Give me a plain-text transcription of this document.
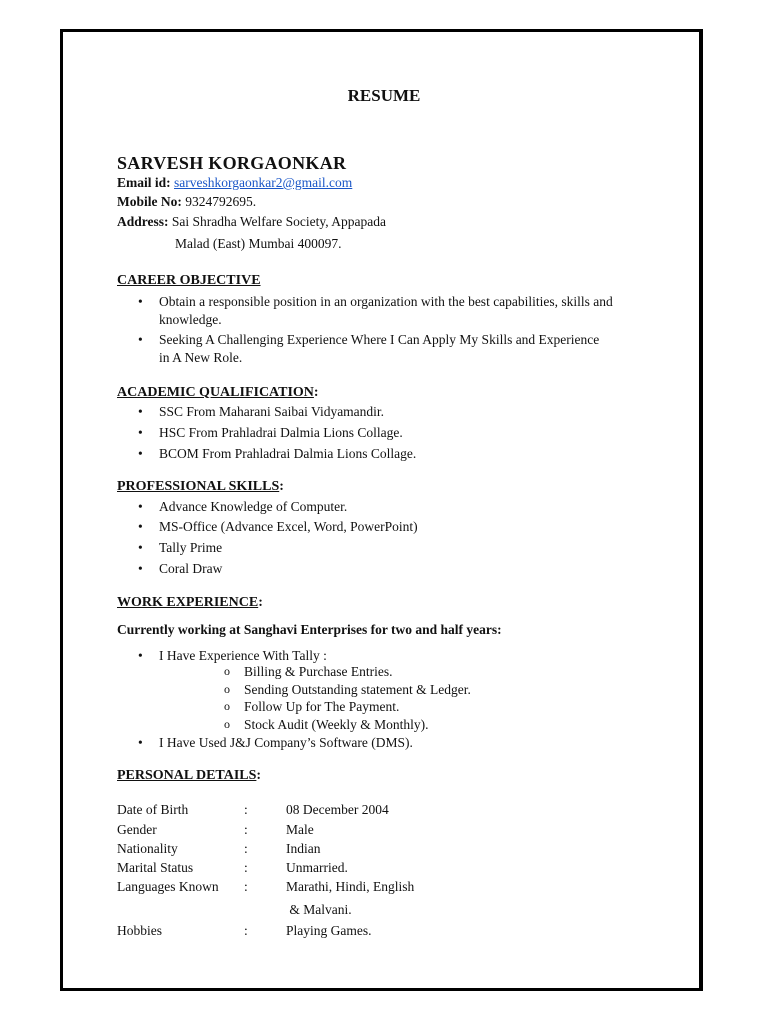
RESUME
SARVESH KORGAONKAR
Email id: sarveshkorgaonkar2@gmail.com
Mobile No: 9324792695.
Address: Sai Shradha Welfare Society, Appapada
Malad (East) Mumbai 400097.
CAREER OBJECTIVE
• Obtain a responsible position in an organization with the best capabilities, skills and
knowledge.
• Seeking A Challenging Experience Where I Can Apply My Skills and Experience
in A New Role.
ACADEMIC QUALIFICATION:
• SSC From Maharani Saibai Vidyamandir.
• HSC From Prahladrai Dalmia Lions Collage.
• BCOM From Prahladrai Dalmia Lions Collage.
PROFESSIONAL SKILLS:
• Advance Knowledge of Computer.
• MS-Office (Advance Excel, Word, PowerPoint)
• Tally Prime
• Coral Draw
WORK EXPERIENCE:
Currently working at Sanghavi Enterprises for two and half years:
• I Have Experience With Tally :
o Billing & Purchase Entries.
o Sending Outstanding statement & Ledger.
o Follow Up for The Payment.
o Stock Audit (Weekly & Monthly).
• I Have Used J&J Company’s Software (DMS).
PERSONAL DETAILS:
Date of Birth	:	08 December 2004
Gender	:	Male
Nationality	:	Indian
Marital Status	:	Unmarried.
Languages Known :	Marathi, Hindi, English
& Malvani.
Hobbies	:	Playing Games.
